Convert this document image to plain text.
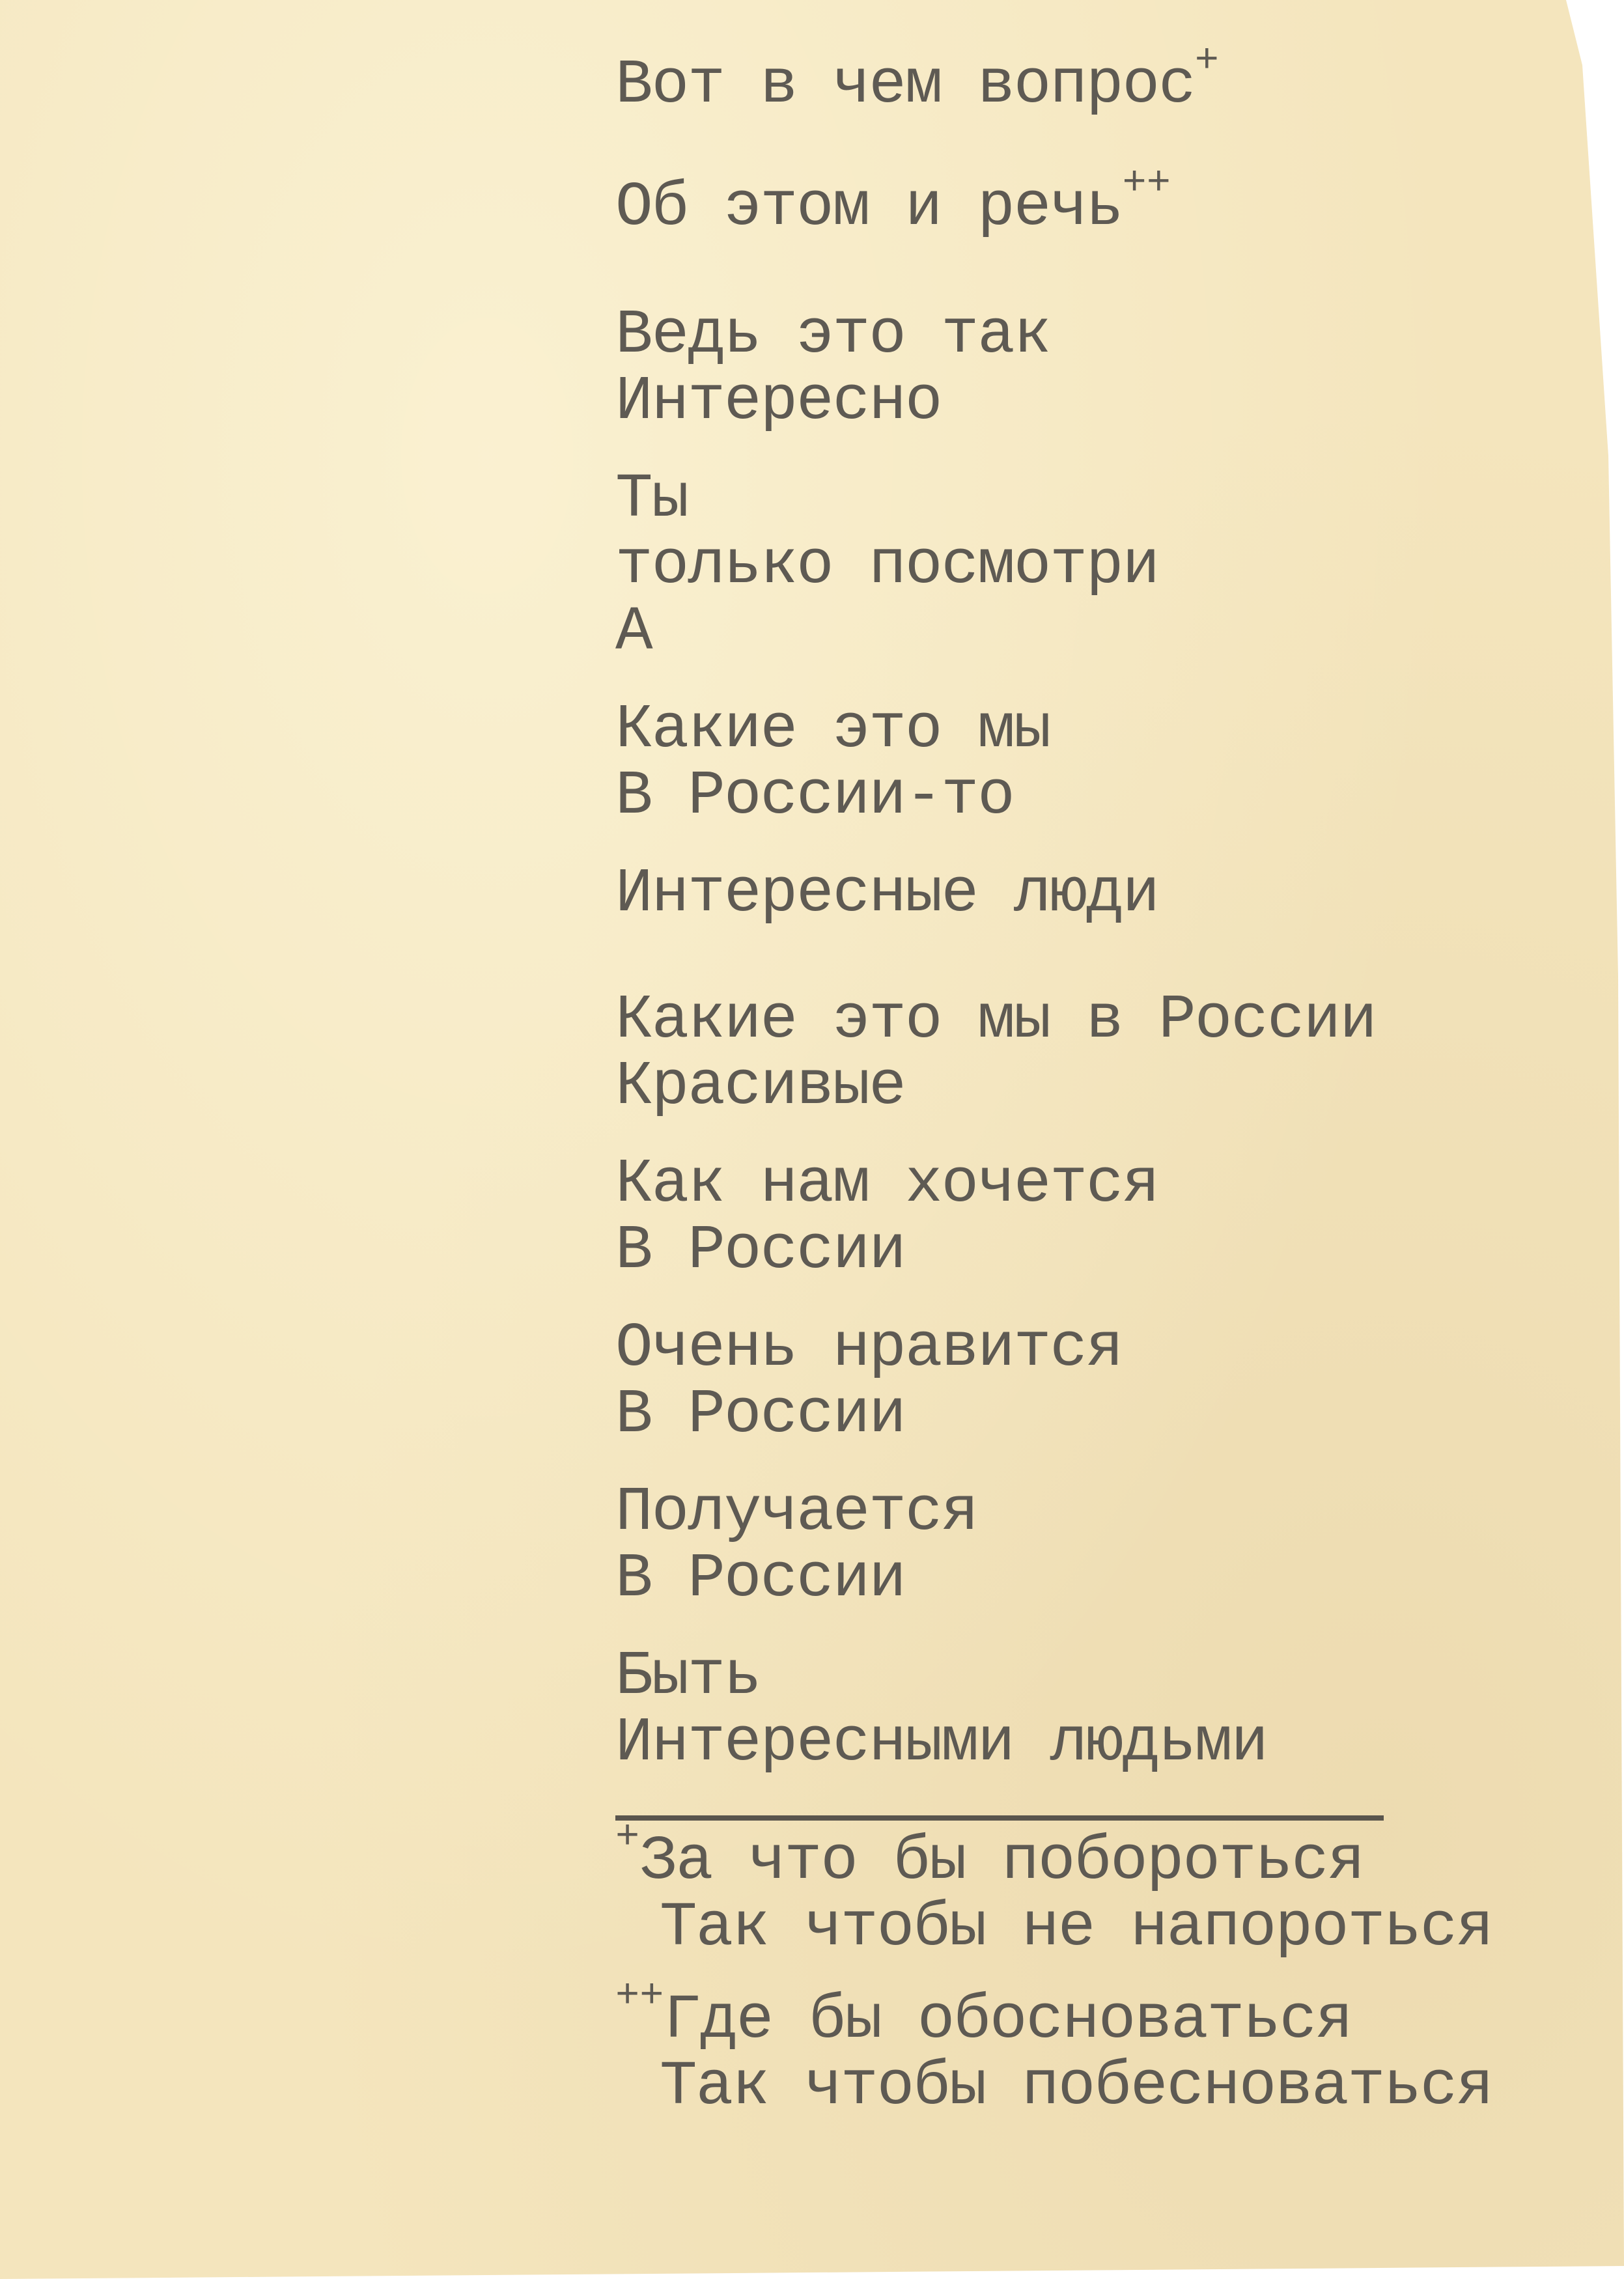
Вот в чем вопрос+
Об этом и речь++
Ведь это так
Интересно
Ты
только посмотри
А
Какие это мы
В России-то
Интересные люди
Какие это мы в России
Красивые
Как нам хочется
В России
Очень нравится
В России
Получается
В России
Быть
Интересными людьми
+За что бы побороться
Так чтобы не напороться
++Где бы обосноваться
Так чтобы побесноваться
